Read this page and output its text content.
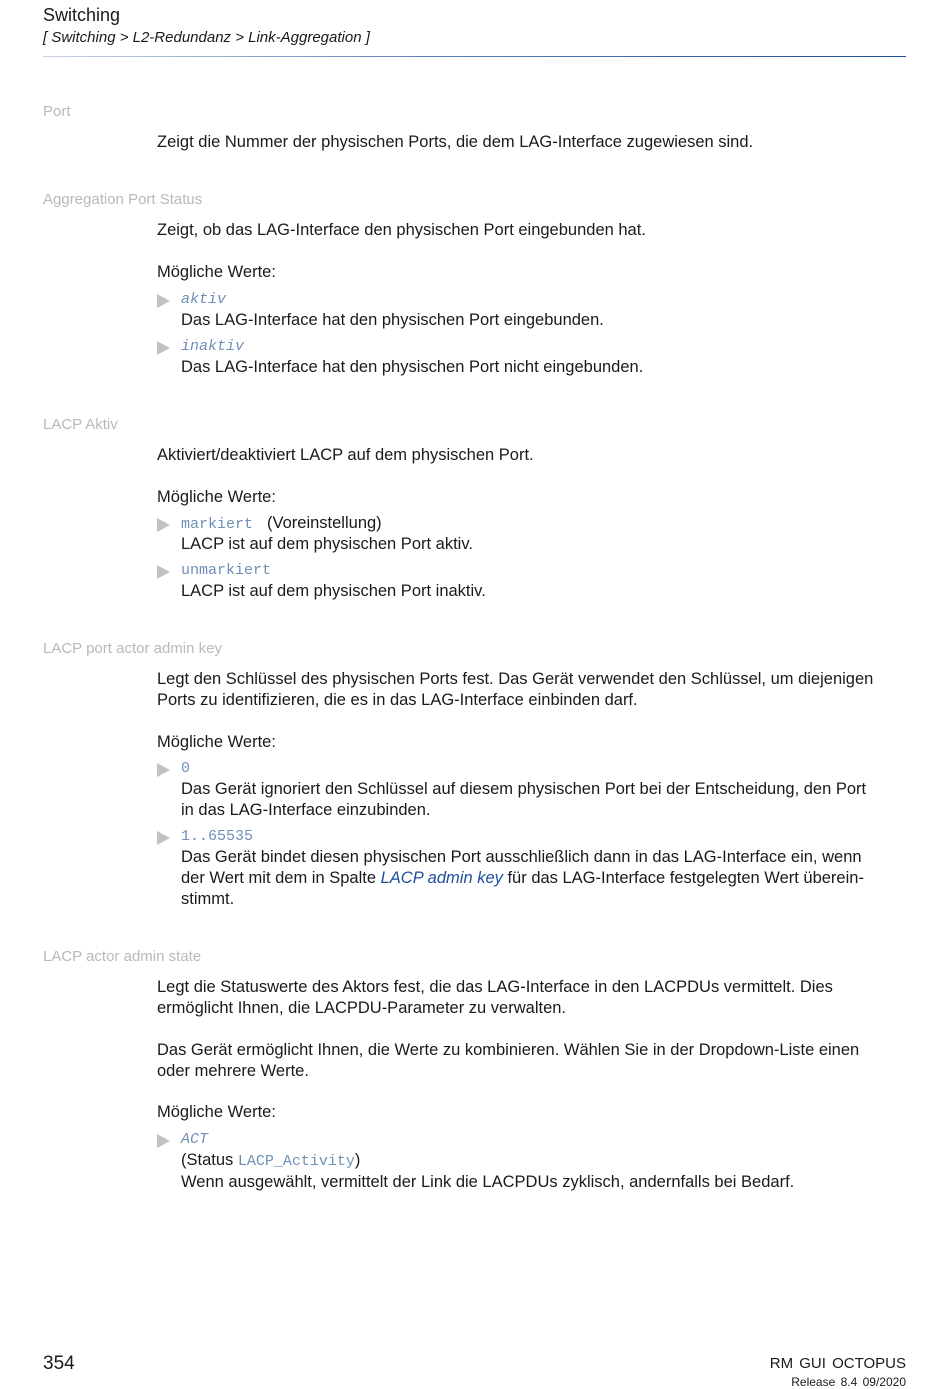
Switching
[ Switching > L2-Redundanz > Link-Aggregation ]
Port
Zeigt die Nummer der physischen Ports, die dem LAG-Interface zugewiesen sind.
Aggregation Port Status
Zeigt, ob das LAG-Interface den physischen Port eingebunden hat.
Mögliche Werte:
aktiv
Das LAG-Interface hat den physischen Port eingebunden.
inaktiv
Das LAG-Interface hat den physischen Port nicht eingebunden.
LACP Aktiv
Aktiviert/deaktiviert LACP auf dem physischen Port.
Mögliche Werte:
markiert (Voreinstellung)
LACP ist auf dem physischen Port aktiv.
unmarkiert
LACP ist auf dem physischen Port inaktiv.
LACP port actor admin key
Legt den Schlüssel des physischen Ports fest. Das Gerät verwendet den Schlüssel, um diejenigen
Ports zu identifizieren, die es in das LAG-Interface einbinden darf.
Mögliche Werte:
0
Das Gerät ignoriert den Schlüssel auf diesem physischen Port bei der Entscheidung, den Port
in das LAG-Interface einzubinden.
1..65535
Das Gerät bindet diesen physischen Port ausschließlich dann in das LAG-Interface ein, wenn
der Wert mit dem in Spalte LACP admin key für das LAG-Interface festgelegten Wert überein-
stimmt.
LACP actor admin state
Legt die Statuswerte des Aktors fest, die das LAG-Interface in den LACPDUs vermittelt. Dies
ermöglicht Ihnen, die LACPDU-Parameter zu verwalten.
Das Gerät ermöglicht Ihnen, die Werte zu kombinieren. Wählen Sie in der Dropdown-Liste einen
oder mehrere Werte.
Mögliche Werte:
ACT
(Status LACP_Activity)
Wenn ausgewählt, vermittelt der Link die LACPDUs zyklisch, andernfalls bei Bedarf.
354	RM GUI OCTOPUS
Release 8.4 09/2020
